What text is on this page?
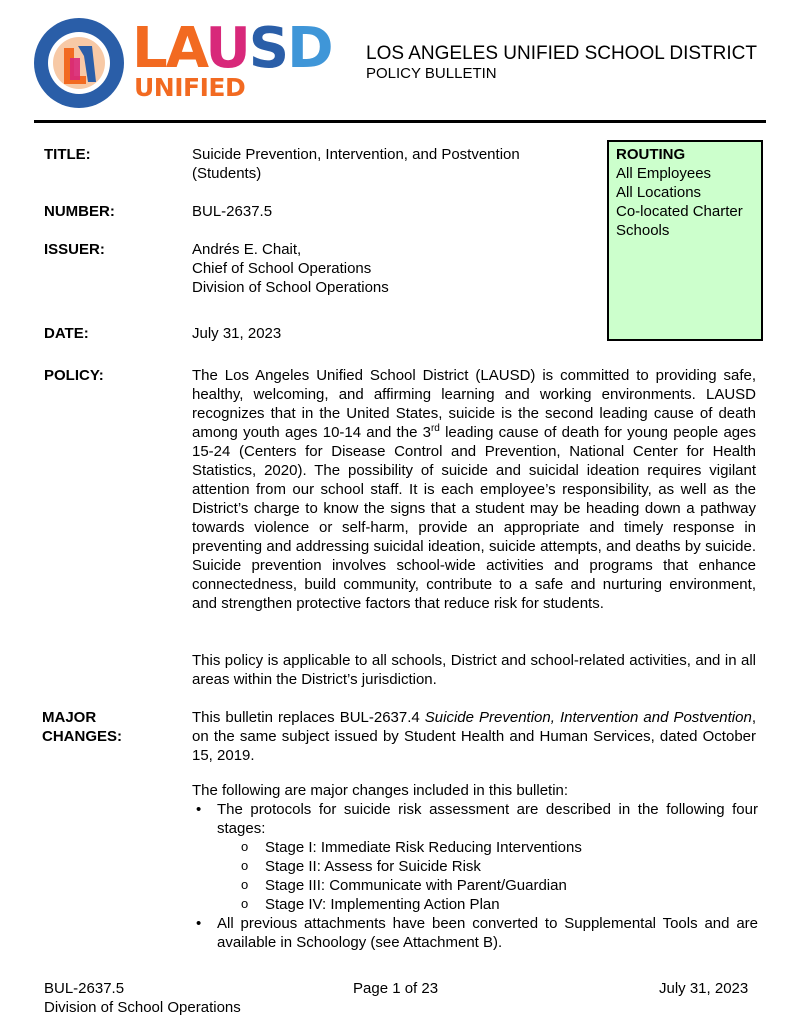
LAUSD
UNIFIED
LOS ANGELES UNIFIED SCHOOL DISTRICT
POLICY BULLETIN
TITLE:	Suicide Prevention, Intervention, and Postvention
(Students)
NUMBER:	BUL-2637.5
ISSUER:	Andrés E. Chait,
Chief of School Operations
Division of School Operations
DATE:	July 31, 2023
ROUTING
All Employees
All Locations
Co-located Charter
Schools
POLICY:	The Los Angeles Unified School District (LAUSD) is committed to providing safe, healthy, welcoming, and affirming learning and working environments. LAUSD recognizes that in the United States, suicide is the second leading cause of death among youth ages 10-14 and the 3rd leading cause of death for young people ages 15-24 (Centers for Disease Control and Prevention, National Center for Health Statistics, 2020). The possibility of suicide and suicidal ideation requires vigilant attention from our school staff. It is each employee’s responsibility, as well as the District’s charge to know the signs that a student may be heading down a pathway towards violence or self-harm, provide an appropriate and timely response in preventing and addressing suicidal ideation, suicide attempts, and deaths by suicide. Suicide prevention involves school-wide activities and programs that enhance connectedness, build community, contribute to a safe and nurturing environment, and strengthen protective factors that reduce risk for students.
This policy is applicable to all schools, District and school-related activities, and in all areas within the District’s jurisdiction.
MAJOR
CHANGES:
This bulletin replaces BUL-2637.4 Suicide Prevention, Intervention and Postvention, on the same subject issued by Student Health and Human Services, dated October 15, 2019.
The following are major changes included in this bulletin:
• The protocols for suicide risk assessment are described in the following four stages:
o Stage I: Immediate Risk Reducing Interventions
o Stage II: Assess for Suicide Risk
o Stage III: Communicate with Parent/Guardian
o Stage IV: Implementing Action Plan
• All previous attachments have been converted to Supplemental Tools and are available in Schoology (see Attachment B).
BUL-2637.5
Division of School Operations
Page 1 of 23	July 31, 2023
